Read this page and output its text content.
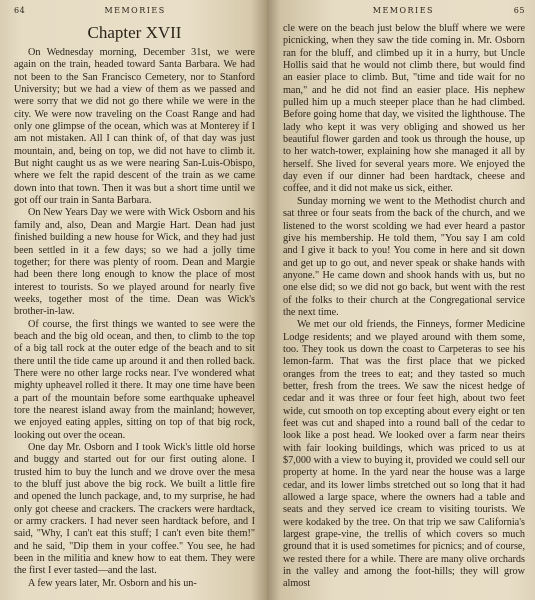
64	MEMORIES
Chapter XVII

On Wednesday morning, December 31st, we were again on the train, headed toward Santa Barbara. We had not been to the San Francisco Cemetery, nor to Stanford University; but we had a view of them as we passed and were sorry that we did not go there while we were in the city. We were now traveling on the Coast Range and had only one glimpse of the ocean, which was at Monterey if I am not mistaken. All I can think of, of that day was just mountain, and, being on top, we did not have to climb it. But night caught us as we were nearing San-Luis-Obispo, where we felt the rapid descent of the train as we came down into that town. Then it was but a short time until we got off our train in Santa Barbara.

On New Years Day we were with Wick Osborn and his family and, also, Dean and Margie Hart. Dean had just finished building a new house for Wick, and they had just been settled in it a few days; so we had a jolly time together; for there was plenty of room. Dean and Margie had been there long enough to know the place of most interest to tourists. So we played around for nearly five weeks, together most of the time. Dean was Wick's brother-in-law.

Of course, the first things we wanted to see were the beach and the big old ocean, and then, to climb to the top of a big tall rock at the outer edge of the beach and to sit there until the tide came up around it and then rolled back. There were no other large rocks near. I've wondered what mighty upheavel rolled it there. It may one time have been a part of the mountain before some earthquake upheavel tore the nearest island away from the mainland; however, we enjoyed eating apples, sitting on top of that big rock, looking out over the ocean.

One day Mr. Osborn and I took Wick's little old horse and buggy and started out for our first outing alone. I trusted him to buy the lunch and we drove over the mesa to the bluff just above the big rock. We built a little fire and opened the lunch package, and, to my surprise, he had only got cheese and crackers. The crackers were hardtack, or army crackers. I had never seen hardtack before, and I said, "Why, I can't eat this stuff; I can't even bite them!" and he said, "Dip them in your coffee." You see, he had been in the militia and knew how to eat them. They were the first I ever tasted—and the last.

A few years later, Mr. Osborn and his un-

MEMORIES	65

cle were on the beach just below the bluff where we were picnicking, when they saw the tide coming in. Mr. Osborn ran for the bluff, and climbed up it in a hurry, but Uncle Hollis said that he would not climb there, but would find an easier place to climb. But, "time and tide wait for no man," and he did not find an easier place. His nephew pulled him up a much steeper place than he had climbed. Before going home that day, we visited the lighthouse. The lady who kept it was very obliging and showed us her beautiful flower garden and took us through the house, up to her watch-tower, explaining how she managed it all by herself. She lived for several years more. We enjoyed the day even if our dinner had been hardtack, cheese and coffee, and it did not make us sick, either.

Sunday morning we went to the Methodist church and sat three or four seats from the back of the church, and we listened to the worst scolding we had ever heard a pastor give his membership. He told them, "You say I am cold and I give it back to you! You come in here and sit down and get up to go out, and never speak or shake hands with anyone." He came down and shook hands with us, but no one else did; so we did not go back, but went with the rest of the folks to their church at the Congregational service the next time.

We met our old friends, the Finneys, former Medicine Lodge residents; and we played around with them some, too. They took us down the coast to Carpeteras to see his lemon-farm. That was the first place that we picked oranges from the trees to eat; and they tasted so much better, fresh from the trees. We saw the nicest hedge of cedar and it was three or four feet high, about two feet wide, cut smooth on top excepting about every eight or ten feet was cut and shaped into a round ball of the cedar to look like a post head. We looked over a farm near theirs with fair looking buildings, which was priced to us at $7,000 with a view to buying it, provided we could sell our property at home. In the yard near the house was a large cedar, and its lower limbs stretched out so long that it had allowed a large space, where the owners had a table and seats and they served ice cream to visiting tourists. We were kodaked by the tree. On that trip we saw California's largest grape-vine, the trellis of which covers so much ground that it is used sometimes for picnics; and of course, we rested there for a while. There are many olive orchards in the valley and among the foot-hills; they will grow almost
